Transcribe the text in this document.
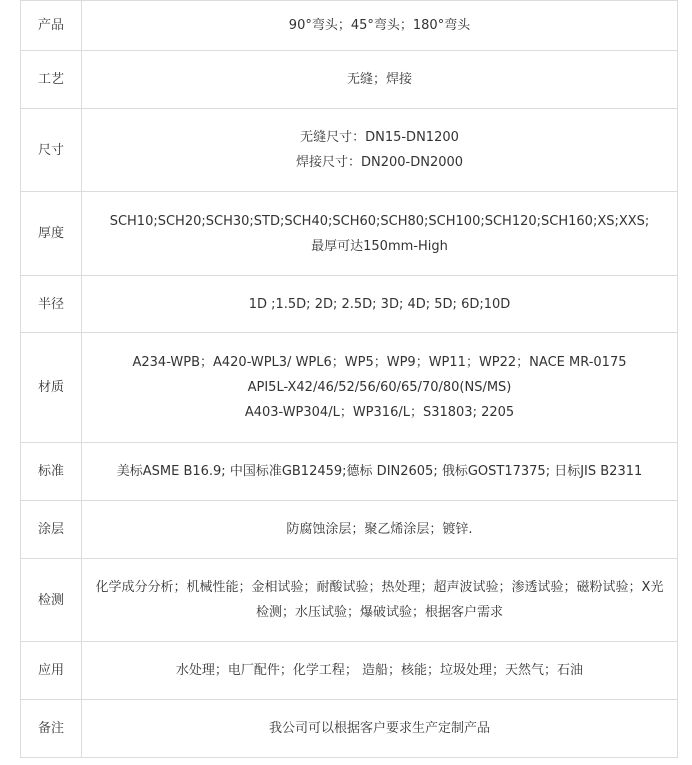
产品	90°弯头；45°弯头；180°弯头

工艺	无缝；焊接

尺寸	无缝尺寸：DN15-DN1200
焊接尺寸：DN200-DN2000

厚度	SCH10;SCH20;SCH30;STD;SCH40;SCH60;SCH80;SCH100;SCH120;SCH160;XS;XXS;
最厚可达150mm-High

半径	1D ;1.5D; 2D; 2.5D; 3D; 4D; 5D; 6D;10D

材质	A234-WPB；A420-WPL3/ WPL6；WP5；WP9；WP11；WP22；NACE MR-0175
API5L-X42/46/52/56/60/65/70/80(NS/MS)
A403-WP304/L；WP316/L；S31803; 2205

标准	美标ASME B16.9; 中国标准GB12459;德标 DIN2605; 俄标GOST17375; 日标JIS B2311

涂层	防腐蚀涂层；聚乙烯涂层；镀锌.

检测	化学成分分析；机械性能；金相试验；耐酸试验；热处理；超声波试验；渗透试验；磁粉试验；X光检测；水压试验；爆破试验；根据客户需求

应用	水处理；电厂配件；化学工程； 造船；核能；垃圾处理；天然气；石油

备注	我公司可以根据客户要求生产定制产品
